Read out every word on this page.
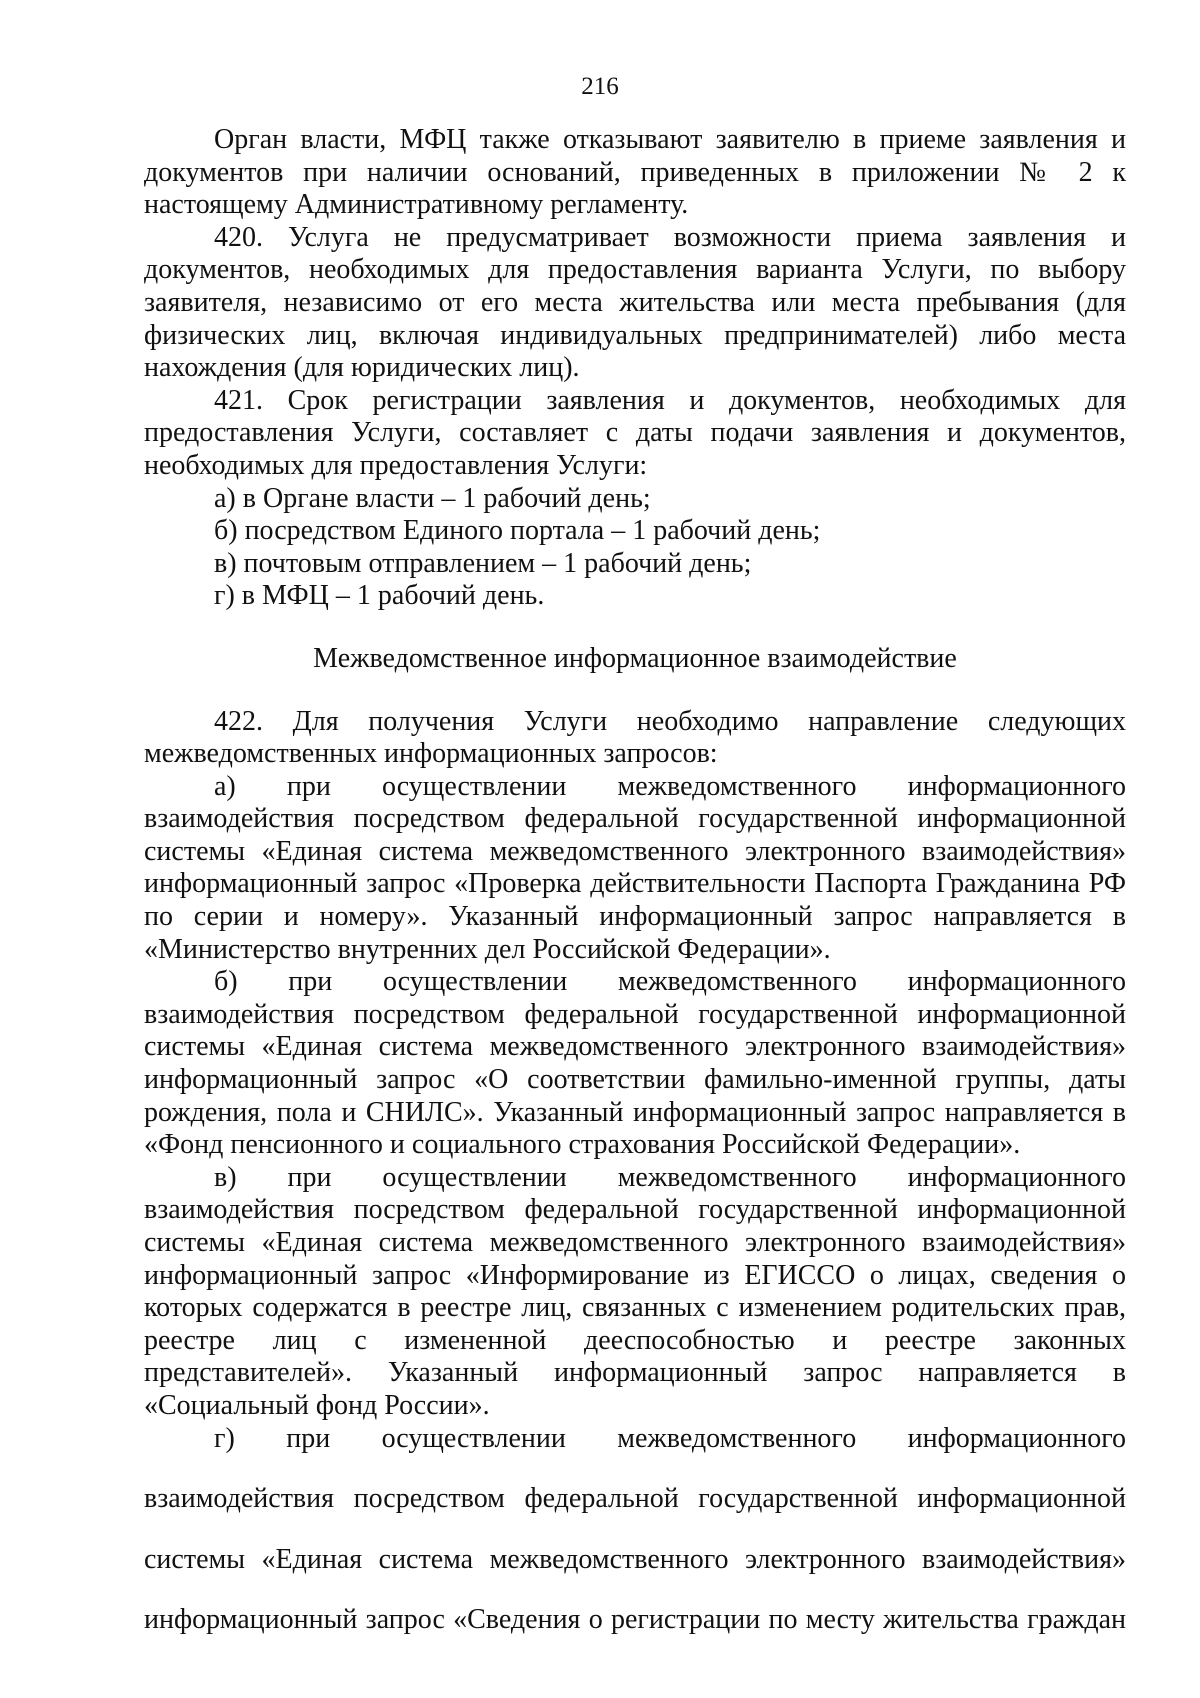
216

Орган власти, МФЦ также отказывают заявителю в приеме заявления и документов при наличии оснований, приведенных в приложении № 2 к настоящему Административному регламенту.

420. Услуга не предусматривает возможности приема заявления и документов, необходимых для предоставления варианта Услуги, по выбору заявителя, независимо от его места жительства или места пребывания (для физических лиц, включая индивидуальных предпринимателей) либо места нахождения (для юридических лиц).

421. Срок регистрации заявления и документов, необходимых для предоставления Услуги, составляет с даты подачи заявления и документов, необходимых для предоставления Услуги:

а) в Органе власти – 1 рабочий день;

б) посредством Единого портала – 1 рабочий день;

в) почтовым отправлением – 1 рабочий день;

г) в МФЦ – 1 рабочий день.

Межведомственное информационное взаимодействие

422. Для получения Услуги необходимо направление следующих межведомственных информационных запросов:

а) при осуществлении межведомственного информационного

взаимодействия посредством федеральной государственной информационной системы «Единая система межведомственного электронного взаимодействия» информационный запрос «Проверка действительности Паспорта Гражданина РФ по серии и номеру». Указанный информационный запрос направляется в «Министерство внутренних дел Российской Федерации».

б) при осуществлении межведомственного информационного

взаимодействия посредством федеральной государственной информационной системы «Единая система межведомственного электронного взаимодействия» информационный запрос «О соответствии фамильно-именной группы, даты рождения, пола и СНИЛС». Указанный информационный запрос направляется в «Фонд пенсионного и социального страхования Российской Федерации».

в) при осуществлении межведомственного информационного

взаимодействия посредством федеральной государственной информационной системы «Единая система межведомственного электронного взаимодействия» информационный запрос «Информирование из ЕГИССО о лицах, сведения о которых содержатся в реестре лиц, связанных с изменением родительских прав, реестре лиц с измененной дееспособностью и реестре законных представителей». Указанный информационный запрос направляется в «Социальный фонд России».

г) при осуществлении межведомственного информационного

взаимодействия посредством федеральной государственной информационной

системы «Единая система межведомственного электронного взаимодействия»

информационный запрос «Сведения о регистрации по месту жительства граждан
